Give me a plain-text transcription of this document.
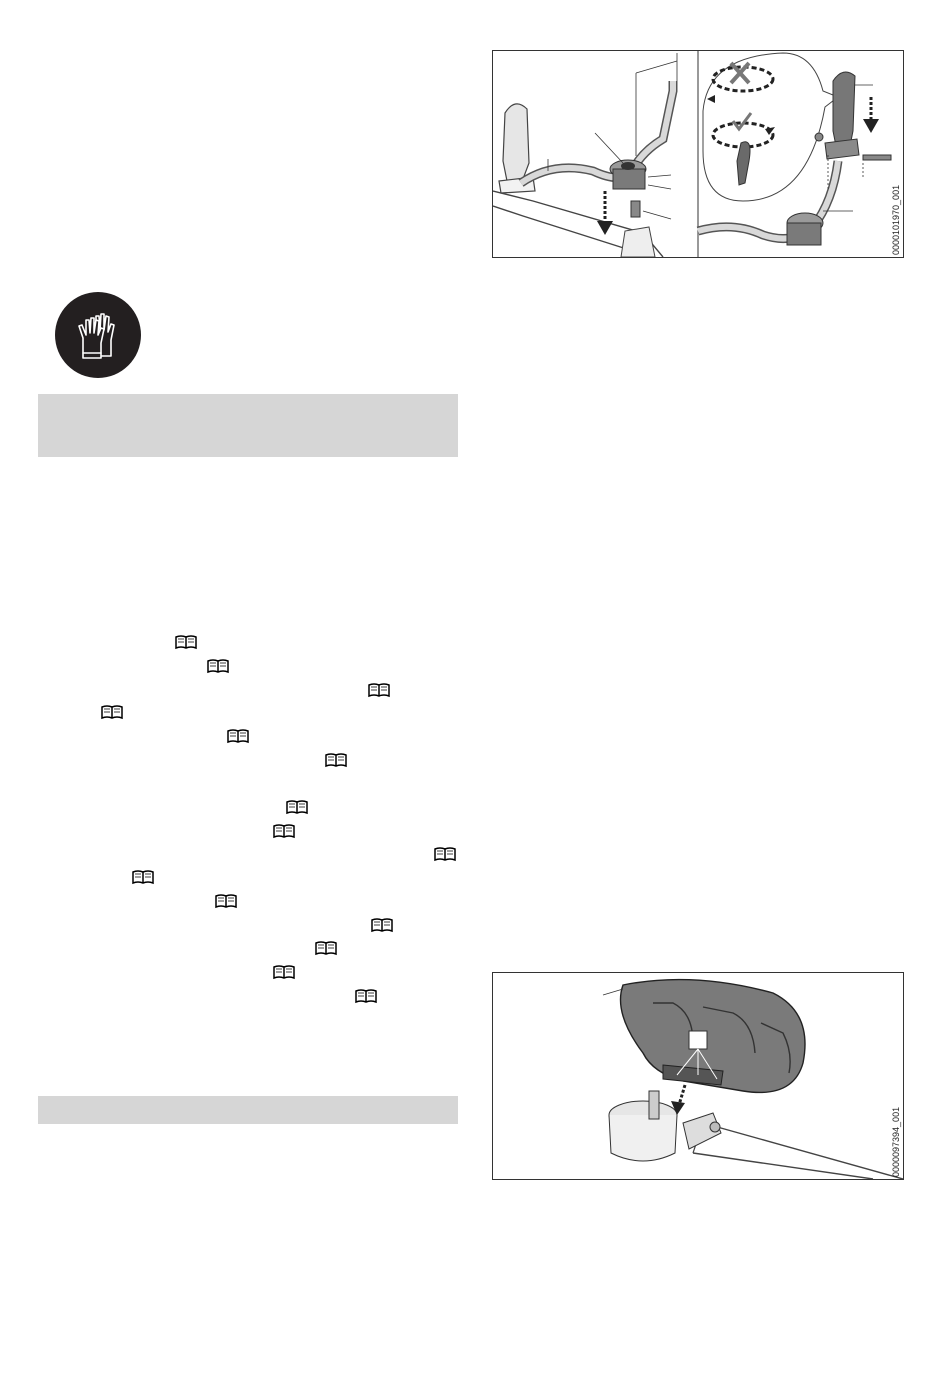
0000101970_001
0000097394_001
